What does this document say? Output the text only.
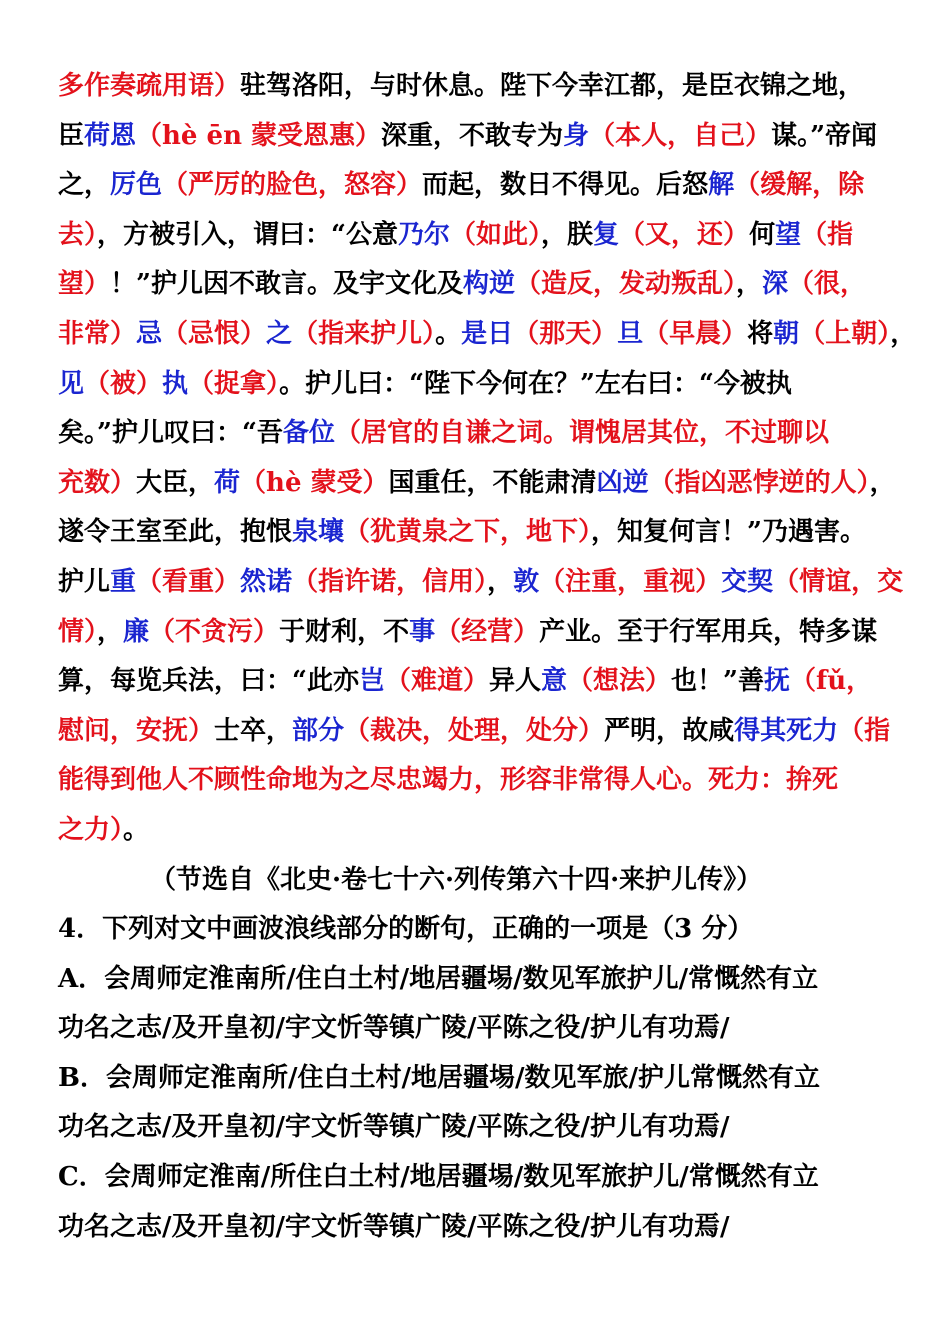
多作奏疏用语）驻驾洛阳，与时休息。陛下今幸江都，是臣衣锦之地，
臣荷恩（hè ēn 蒙受恩惠）深重，不敢专为身（本人，自己）谋。”帝闻
之，厉色（严厉的脸色，怒容）而起，数日不得见。后怒解（缓解，除
去），方被引入，谓曰：“公意乃尔（如此），朕复（又，还）何望（指
望）！”护儿因不敢言。及宇文化及构逆（造反，发动叛乱），深（很，
非常）忌（忌恨）之（指来护儿）。是日（那天）旦（早晨）将朝（上朝），
见（被）执（捉拿）。护儿曰：“陛下今何在？”左右曰：“今被执
矣。”护儿叹曰：“吾备位（居官的自谦之词。谓愧居其位，不过聊以
充数）大臣，荷（hè 蒙受）国重任，不能肃清凶逆（指凶恶悖逆的人），
遂令王室至此，抱恨泉壤（犹黄泉之下，地下），知复何言！”乃遇害。
护儿重（看重）然诺（指许诺，信用），敦（注重，重视）交契（情谊，交
情），廉（不贪污）于财利，不事（经营）产业。至于行军用兵，特多谋
算，每览兵法，曰：“此亦岂（难道）异人意（想法）也！”善抚（fǔ，
慰问，安抚）士卒，部分（裁决，处理，处分）严明，故咸得其死力（指
能得到他人不顾性命地为之尽忠竭力，形容非常得人心。死力：拚死
之力）。
（节选自《北史·卷七十六·列传第六十四·来护儿传》）
4．下列对文中画波浪线部分的断句，正确的一项是（3 分）
A．会周师定淮南所/住白土村/地居疆埸/数见军旅护儿/常慨然有立
功名之志/及开皇初/宇文忻等镇广陵/平陈之役/护儿有功焉/
B．会周师定淮南所/住白土村/地居疆埸/数见军旅/护儿常慨然有立
功名之志/及开皇初/宇文忻等镇广陵/平陈之役/护儿有功焉/
C．会周师定淮南/所住白土村/地居疆埸/数见军旅护儿/常慨然有立
功名之志/及开皇初/宇文忻等镇广陵/平陈之役/护儿有功焉/
